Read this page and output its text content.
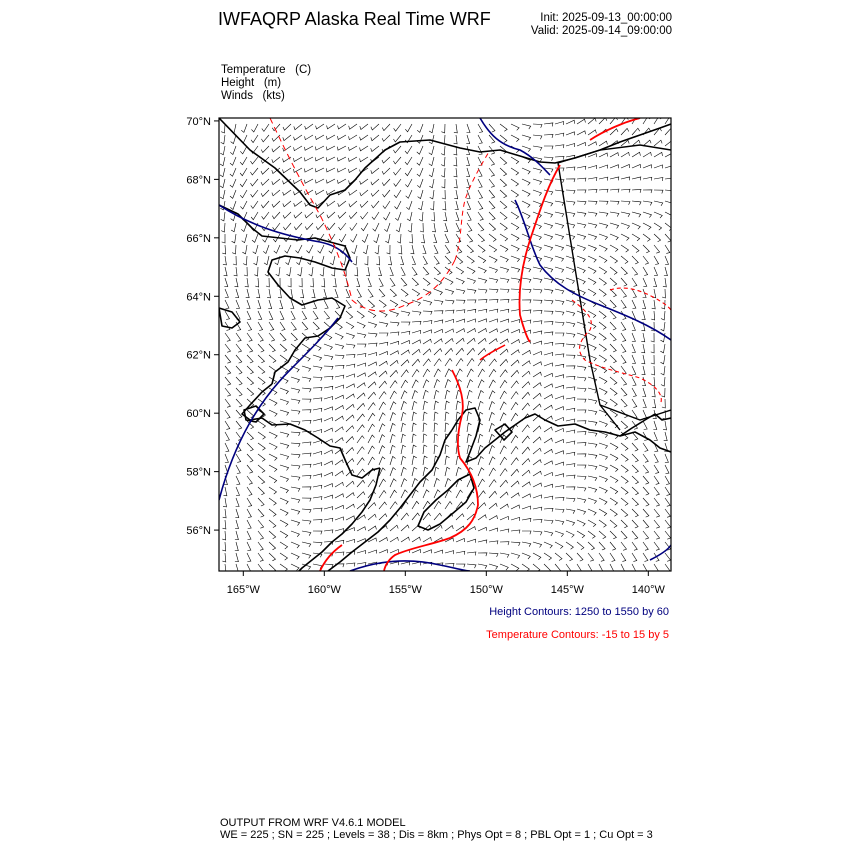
IWFAQRP Alaska Real Time WRF	Init: 2025-09-13_00:00:00
Valid: 2025-09-14_09:00:00
Temperature   (C)
Height   (m)
Winds   (kts)
70°N
68°N
66°N
64°N
62°N
60°N
58°N
56°N
165°W	160°W	155°W	150°W	145°W	140°W
Height Contours: 1250 to 1550 by 60
Temperature Contours: -15 to 15 by 5
OUTPUT FROM WRF V4.6.1 MODEL
WE = 225 ; SN = 225 ; Levels = 38 ; Dis = 8km ; Phys Opt = 8 ; PBL Opt = 1 ; Cu Opt = 3
